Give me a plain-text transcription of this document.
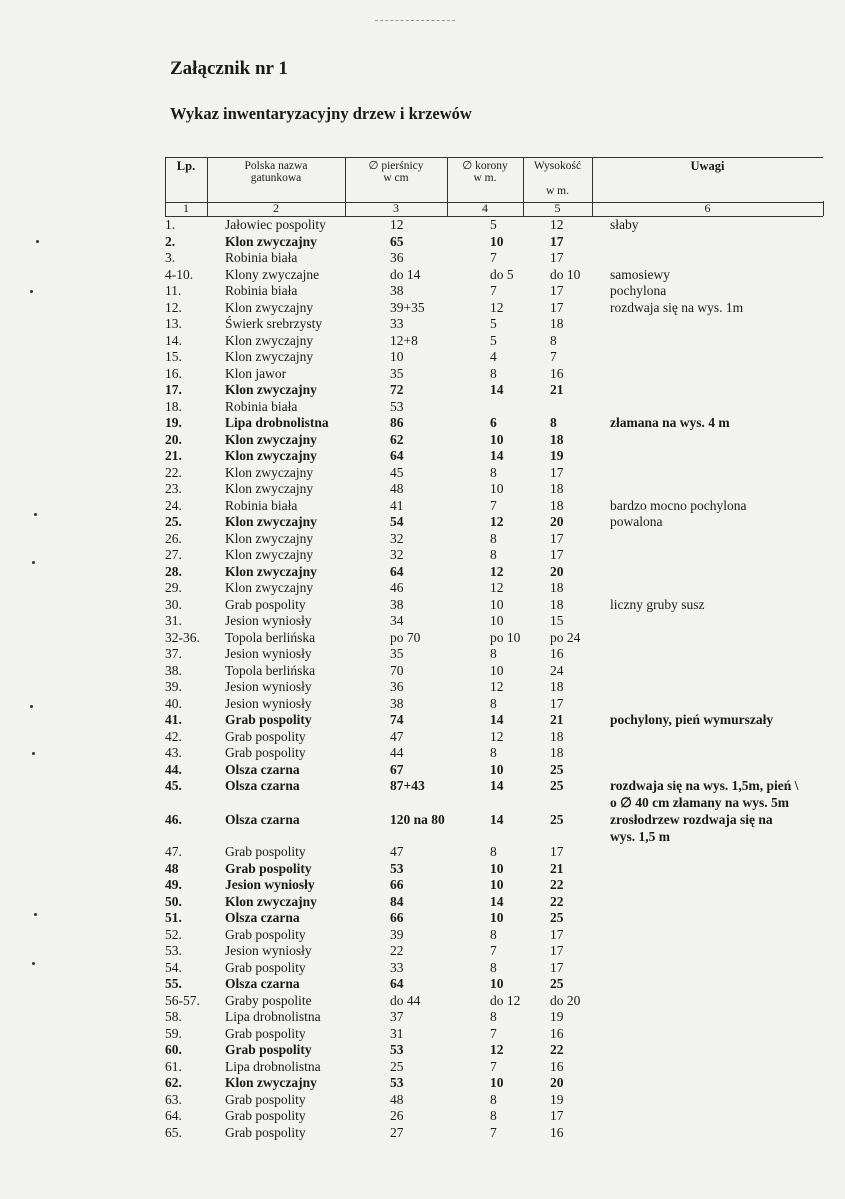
Załącznik nr 1
Wykaz inwentaryzacyjny drzew i krzewów
Lp.	Polska nazwa
gatunkowa
∅ pierśnicy
w cm
∅ korony
w m.
Wysokość
w m.
Uwagi
1	2	3	4	5	6
1.	Jałowiec pospolity	12	5	12	słaby
2.	Klon zwyczajny	65	10	17
3.	Robinia biała	36	7	17
4-10. Klony zwyczajne	do 14	do 5	do 10 samosiewy
11.	Robinia biała	38	7	17	pochylona
12.	Klon zwyczajny	39+35	12	17	rozdwaja się na wys. 1m
13.	Świerk srebrzysty	33	5	18
14.	Klon zwyczajny	12+8	5	8
15.	Klon zwyczajny	10	4	7
16.	Klon jawor	35	8	16
17.	Klon zwyczajny	72	14	21
18.	Robinia biała	53
19.	Lipa drobnolistna	86	6	8	złamana na wys. 4 m
20.	Klon zwyczajny	62	10	18
21.	Klon zwyczajny	64	14	19
22.	Klon zwyczajny	45	8	17
23.	Klon zwyczajny	48	10	18
24.	Robinia biała	41	7	18	bardzo mocno pochylona
powalona
25.	Klon zwyczajny	54	12	20
26.	Klon zwyczajny	32	8	17
27.	Klon zwyczajny	32	8	17
28.	Klon zwyczajny	64	12	20
29.	Klon zwyczajny	46	12	18
30.	Grab pospolity	38	10	18	liczny gruby susz
31.	Jesion wyniosły	34	10	15
32-36. Topola berlińska	po 70	po 10 po 24
37.	Jesion wyniosły	35	8	16
38.	Topola berlińska	70	10	24
39.	Jesion wyniosły	36	12	18
40.	Jesion wyniosły	38	8	17
41.	Grab pospolity	74	14	21	pochylony, pień wymurszały
42.	Grab pospolity	47	12	18
43.	Grab pospolity	44	8	18
44.	Olsza czarna	67	10	25
45.	Olsza czarna	87+43	14	25	rozdwaja się na wys. 1,5m, pień \
o ∅ 40 cm złamany na wys. 5m
46.	Olsza czarna	120 na 80	14	25	zrosłodrzew rozdwaja się na
wys. 1,5 m
47.	Grab pospolity	47	8	17
48	Grab pospolity	53	10	21
49.	Jesion wyniosły	66	10	22
50.	Klon zwyczajny	84	14	22
51.	Olsza czarna	66	10	25
52.	Grab pospolity	39	8	17
53.	Jesion wyniosły	22	7	17
54.	Grab pospolity	33	8	17
55.	Olsza czarna	64	10	25
56-57. Graby pospolite	do 44	do 12 do 20
58.	Lipa drobnolistna	37	8	19
59.	Grab pospolity	31	7	16
60.	Grab pospolity	53	12	22
61.	Lipa drobnolistna	25	7	16
62.	Klon zwyczajny	53	10	20
63.	Grab pospolity	48	8	19
64.	Grab pospolity	26	8	17
65.	Grab pospolity	27	7	16
